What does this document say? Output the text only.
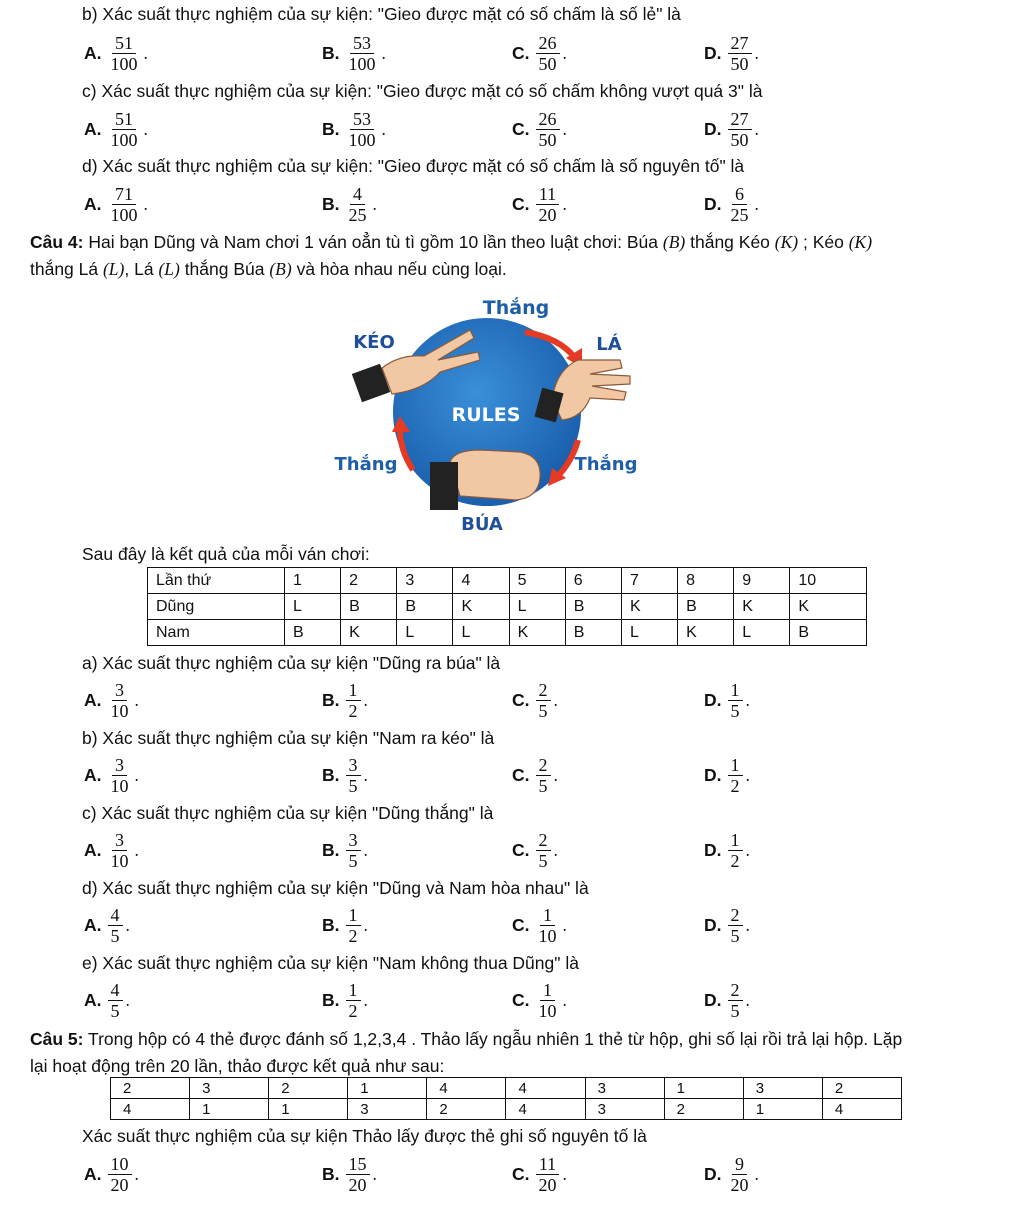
b) Xác suất thực nghiệm của sự kiện: "Gieo được mặt có số chấm là số lẻ" là
A. $\frac{51}{100}$ .	B. $\frac{53}{100}$ .	C. $\frac{26}{50}$ .	D. $\frac{27}{50}$ .
c) Xác suất thực nghiệm của sự kiện: "Gieo được mặt có số chấm không vượt quá 3" là
A. $\frac{51}{100}$ .	B. $\frac{53}{100}$ .	C. $\frac{26}{50}$ .	D. $\frac{27}{50}$ .
d) Xác suất thực nghiệm của sự kiện: "Gieo được mặt có số chấm là số nguyên tố" là
A. $\frac{71}{100}$ .	B. $\frac{4}{25}$ .	C. $\frac{11}{20}$ .	D. $\frac{6}{25}$ .
Câu 4: Hai bạn Dũng và Nam chơi 1 ván oẳn tù tì gồm 10 lần theo luật chơi: Búa (B) thắng Kéo (K) ; Kéo (K)
thắng Lá (L), Lá (L) thắng Búa (B) và hòa nhau nếu cùng loại.
Thắng
KÉO	LÁ
RULES
Thắng	Thắng
BÚA
Sau đây là kết quả của mỗi ván chơi:
Lần thứ	1	2	3	4	5	6	7	8	9	10
Dũng	L	B	B	K	L	B	K	B	K	K
Nam	B	K	L	L	K	B	L	K	L	B
a) Xác suất thực nghiệm của sự kiện "Dũng ra búa" là
A. $\frac{3}{10}$ .	B. $\frac{1}{2}$ .	C. $\frac{2}{5}$ .	D. $\frac{1}{5}$ .
b) Xác suất thực nghiệm của sự kiện "Nam ra kéo" là
A. $\frac{3}{10}$ .	B. $\frac{3}{5}$ .	C. $\frac{2}{5}$ .	D. $\frac{1}{2}$ .
c) Xác suất thực nghiệm của sự kiện "Dũng thắng" là
A. $\frac{3}{10}$ .	B. $\frac{3}{5}$ .	C. $\frac{2}{5}$ .	D. $\frac{1}{2}$ .
d) Xác suất thực nghiệm của sự kiện "Dũng và Nam hòa nhau" là
A. $\frac{4}{5}$ .	B. $\frac{1}{2}$ .	C. $\frac{1}{10}$ .	D. $\frac{2}{5}$ .
e) Xác suất thực nghiệm của sự kiện "Nam không thua Dũng" là
A. $\frac{4}{5}$ .	B. $\frac{1}{2}$ .	C. $\frac{1}{10}$ .	D. $\frac{2}{5}$ .
Câu 5: Trong hộp có 4 thẻ được đánh số 1,2,3,4 . Thảo lấy ngẫu nhiên 1 thẻ từ hộp, ghi số lại rồi trả lại hộp. Lặp
lại hoạt động trên 20 lần, thảo được kết quả như sau:
2	3	2	1	4	4	3	1	3	2
4	1	1	3	2	4	3	2	1	4
Xác suất thực nghiệm của sự kiện Thảo lấy được thẻ ghi số nguyên tố là
A. $\frac{10}{20}$ .	B. $\frac{15}{20}$ .	C. $\frac{11}{20}$ .	D. $\frac{9}{20}$ .
